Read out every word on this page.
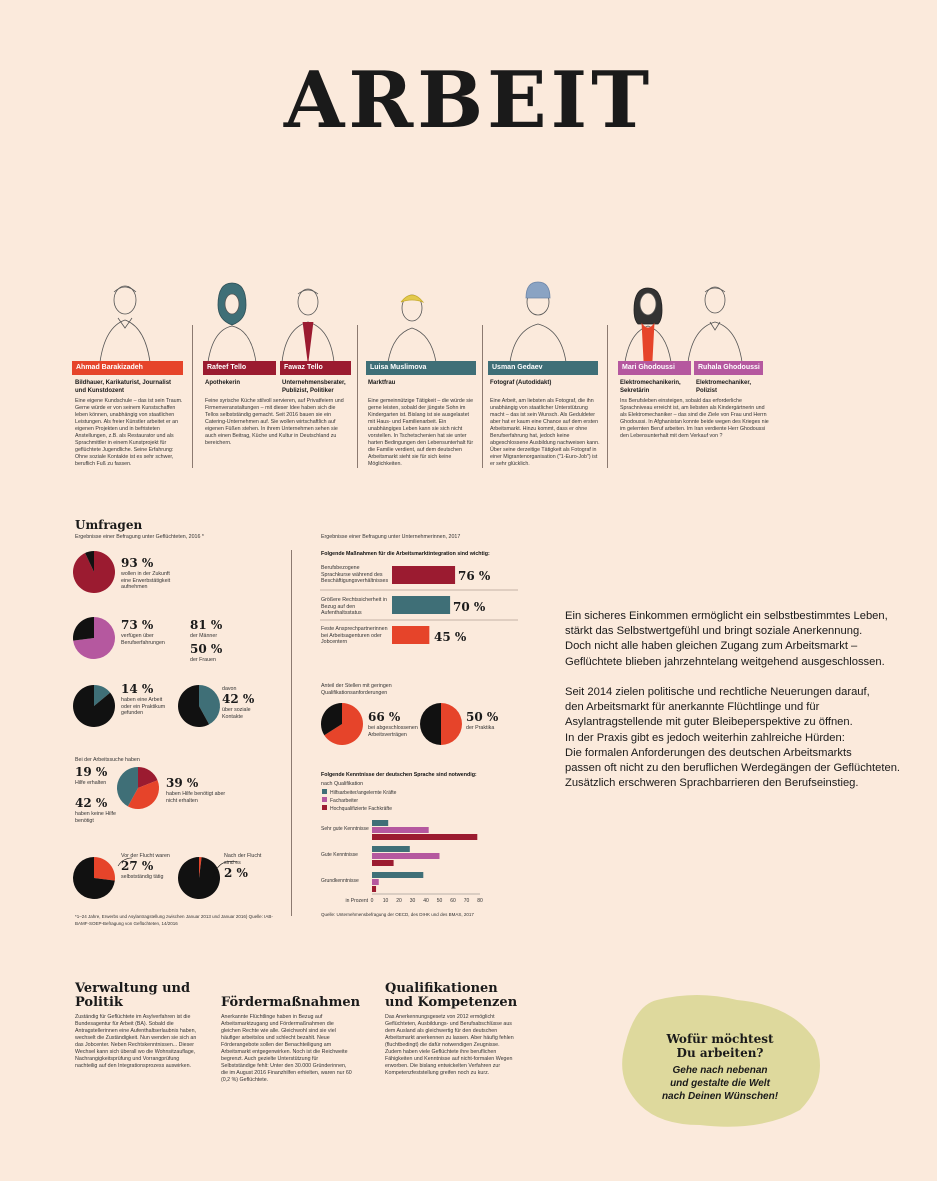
ARBEIT
Ahmad Barakizadeh	Rafeef Tello	Fawaz Tello	Luisa Muslimova	Usman Gedaev	Mari Ghodoussi	Ruhala Ghodoussi
Bildhauer, Karikaturist, Journalist und Kunstdozent
Apothekerin	Unternehmensberater, Publizist, Politiker
Marktfrau	Fotograf (Autodidakt)	Elektromechanikerin, Sekretärin
Elektromechaniker, Polizist
Eine eigene Kundschule – das ist sein Traum. Gerne würde er von seinem Kunstschaffen leben können, unabhängig von staatlichen Leistungen. Als freier Künstler arbeitet er an eigenen Projekten und in befristeten Anstellungen, z.B. als Restaurator und als Sprachmittler in einem Kunstprojekt für geflüchtete Jugendliche. Seine Erfahrung: Ohne soziale Kontakte ist es sehr schwer, beruflich Fuß zu fassen.
Feine syrische Küche stilvoll servieren, auf Privatfeiern und Firmenveranstaltungen – mit dieser Idee haben sich die Tellos selbstständig gemacht. Seit 2016 bauen sie ein Catering-Unternehmen auf. Sie wollen wirtschaftlich auf eigenen Füßen stehen. In ihrem Unternehmen sehen sie auch einen Beitrag, Küche und Kultur in Deutschland zu bereichern.
Eine gemeinnützige Tätigkeit – die würde sie gerne leisten, sobald der jüngste Sohn im Kindergarten ist. Bislang ist sie ausgelastet mit Haus- und Familienarbeit. Ein unabhängiges Leben kann sie sich nicht vorstellen. In Tschetschenien hat sie unter harten Bedingungen den Lebensunterhalt für die Familie verdient, auf dem deutschen Arbeitsmarkt sieht sie für sich keine Möglichkeiten.
Eine Arbeit, am liebsten als Fotograf, die ihn unabhängig von staatlicher Unterstützung macht – das ist sein Wunsch. Als Geduldeter aber hat er kaum eine Chance auf dem ersten Arbeitsmarkt. Hinzu kommt, dass er ohne Berufserfahrung hat, jedoch keine abgeschlossene Ausbildung nachweisen kann. Über seine derzeitige Tätigkeit als Fotograf in einer Migrantenorganisation ("1-Euro-Job") ist er sehr glücklich.
Ins Berufsleben einsteigen, sobald das erforderliche Sprachniveau erreicht ist, am liebsten als Kindergärtnerin und als Elektromechaniker – das sind die Ziele von Frau und Herrn Ghodoussi. In Afghanistan konnte beide wegen des Krieges nie im gelernten Beruf arbeiten. Im Iran verdiente Herr Ghodoussi den Lebensunterhalt mit dem Verkauf von ?
Umfragen
Ergebnisse einer Befragung unter Geflüchteten, 2016 *	Ergebnisse einer Befragung unter Unternehmerinnen, 2017
93 %
wollen in der Zukunft eine Erwerbstätigkeit aufnehmen
73 %
verfügen über Berufserfahrungen
81 %
der Männer
50 %
der Frauen
14 %
haben eine Arbeit oder ein Praktikum gefunden
davon
42 %
über soziale Kontakte
Bei der Arbeitssuche haben
19 %
Hilfe erhalten	39 %
haben Hilfe benötigt aber nicht erhalten
42 %
haben keine Hilfe benötigt
Vor der Flucht waren
27 %
selbstständig tätig
Nach der Flucht sind es
2 %
*1–24 Jahre, Erwerbs und Asylantragstellung zwischen Januar 2013 und Januar 2016) Quelle: IAB-BAMF-SOEP-Befragung von Geflüchteten, 14/2016
Folgende Maßnahmen für die Arbeitsmarktintegration sind wichtig:
Berufsbezogene Sprachkurse während des Beschäftigungsverhältnisses
Größere Rechtssicherheit in Bezug auf den Aufenthaltsstatus
Feste Ansprechpartnerinnen bei Arbeitsagenturen oder Jobcentern
76 %
70 %
45 %
Anteil der Stellen mit geringen Qualifikationsanforderungen
66 %
bei abgeschlossenen Arbeitsverträgen
50 %
der Praktika
Folgende Kenntnisse der deutschen Sprache sind notwendig:
nach Qualifikation
Hilfsarbeiter/angelernte Kräfte
Facharbeiter
Hochqualifizierte Fachkräfte
Sehr gute Kenntnisse
Gute Kenntnisse
Grundkenntnisse
0 10 20 30 40 50 60 70 80
in Prozent
Quelle: Unternehmensbefragung der OECD, des DIHK und des BMAS, 2017
Ein sicheres Einkommen ermöglicht ein selbstbestimmtes Leben,
stärkt das Selbstwertgefühl und bringt soziale Anerkennung.
Doch nicht alle haben gleichen Zugang zum Arbeitsmarkt –
Geflüchtete blieben jahrzehntelang weitgehend ausgeschlossen.

Seit 2014 zielen politische und rechtliche Neuerungen darauf,
den Arbeitsmarkt für anerkannte Flüchtlinge und für
Asylantragstellende mit guter Bleibeperspektive zu öffnen.
In der Praxis gibt es jedoch weiterhin zahlreiche Hürden:
Die formalen Anforderungen des deutschen Arbeitsmarkts
passen oft nicht zu den beruflichen Werdegängen der Geflüchteten.
Zusätzlich erschweren Sprachbarrieren den Berufseinstieg.
Verwaltung und
Politik
Zuständig für Geflüchtete im Asylverfahren ist die Bundesagentur für Arbeit (BA). Sobald die Antragstellerinnen eine Aufenthaltserlaubnis haben, wechselt die Zuständigkeit. Nun wenden sie sich an das Jobcenter. Neben Rechtskenntnissen... Dieser Wechsel kann sich überall wo die Wohnsitzauflage, Nachrangigkeitsprüfung und Vorrangprüfung nachteilig auf den Integrationsprozess auswirken.
Fördermaßnahmen
Anerkannte Flüchtlinge haben in Bezug auf Arbeitsmarktzugang und Fördermaßnahmen die gleichen Rechte wie alle. Gleichwohl sind sie viel häufiger arbeitslos und schlecht bezahlt. Neue Förderangebote sollen der Benachteiligung am Arbeitsmarkt entgegenwirken. Noch ist die Reichweite begrenzt. Auch gezielte Unterstützung für Selbstständige fehlt: Unter den 30.000 Gründerinnen, die im August 2016 Finanzhilfen erhielten, waren nur 60 (0,2 %) Geflüchtete.
Qualifikationen
und Kompetenzen
Das Anerkennungsgesetz von 2012 ermöglicht Geflüchteten, Ausbildungs- und Berufsabschlüsse aus dem Ausland als gleichwertig für den deutschen Arbeitsmarkt anerkennen zu lassen. Aber häufig fehlen (fluchtbedingt) die dafür notwendigen Zeugnisse. Zudem haben viele Geflüchtete ihre beruflichen Fähigkeiten und Kenntnisse auf nicht-formalen Wegen erworben. Die bislang entwickelten Verfahren zur Kompetenzfeststellung greifen noch zu kurz.
Wofür möchtest
Du arbeiten?
Gehe nach nebenan
und gestalte die Welt
nach Deinen Wünschen!
